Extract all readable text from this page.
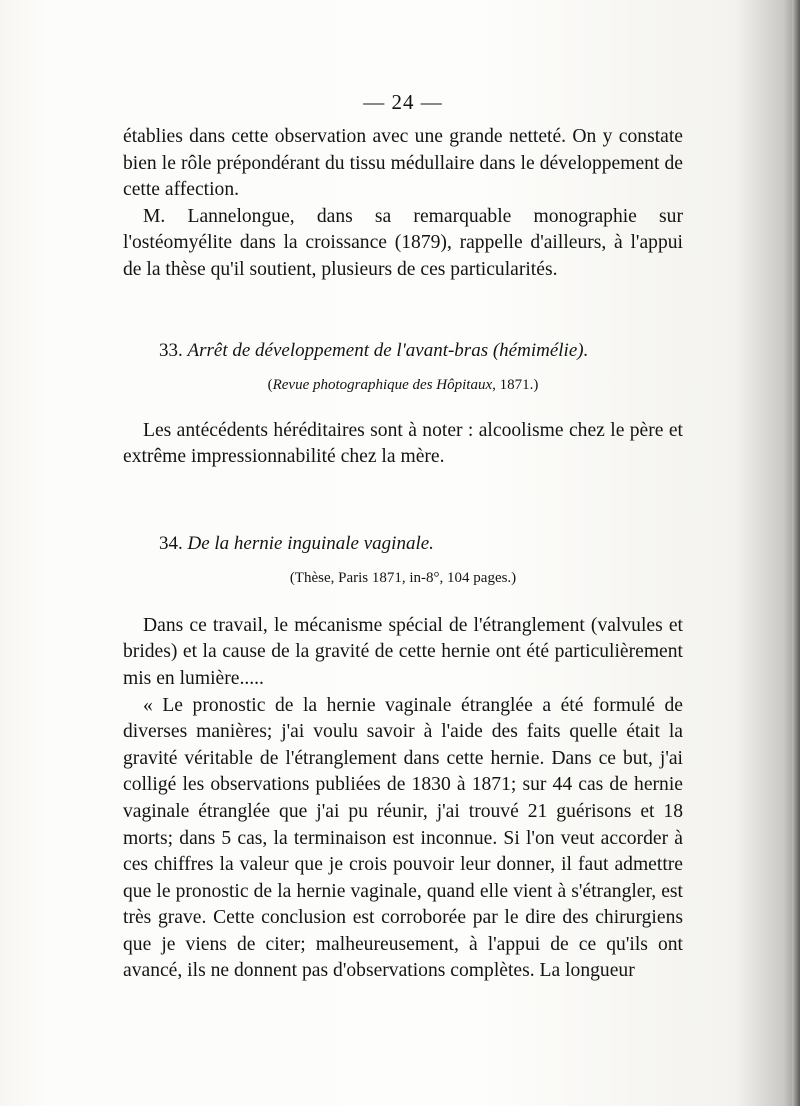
— 24 —

établies dans cette observation avec une grande netteté. On y constate bien le rôle prépondérant du tissu médullaire dans le développement de cette affection.

M. Lannelongue, dans sa remarquable monographie sur l'ostéomyélite dans la croissance (1879), rappelle d'ailleurs, à l'appui de la thèse qu'il soutient, plusieurs de ces particularités.

33. Arrêt de développement de l'avant-bras (hémimélie).

(Revue photographique des Hôpitaux, 1871.)

Les antécédents héréditaires sont à noter : alcoolisme chez le père et extrême impressionnabilité chez la mère.

34. De la hernie inguinale vaginale.

(Thèse, Paris 1871, in-8°, 104 pages.)

Dans ce travail, le mécanisme spécial de l'étranglement (valvules et brides) et la cause de la gravité de cette hernie ont été particulièrement mis en lumière.....

« Le pronostic de la hernie vaginale étranglée a été formulé de diverses manières; j'ai voulu savoir à l'aide des faits quelle était la gravité véritable de l'étranglement dans cette hernie. Dans ce but, j'ai colligé les observations publiées de 1830 à 1871; sur 44 cas de hernie vaginale étranglée que j'ai pu réunir, j'ai trouvé 21 guérisons et 18 morts; dans 5 cas, la terminaison est inconnue. Si l'on veut accorder à ces chiffres la valeur que je crois pouvoir leur donner, il faut admettre que le pronostic de la hernie vaginale, quand elle vient à s'étrangler, est très grave. Cette conclusion est corroborée par le dire des chirurgiens que je viens de citer; malheureusement, à l'appui de ce qu'ils ont avancé, ils ne donnent pas d'observations complètes. La longueur
